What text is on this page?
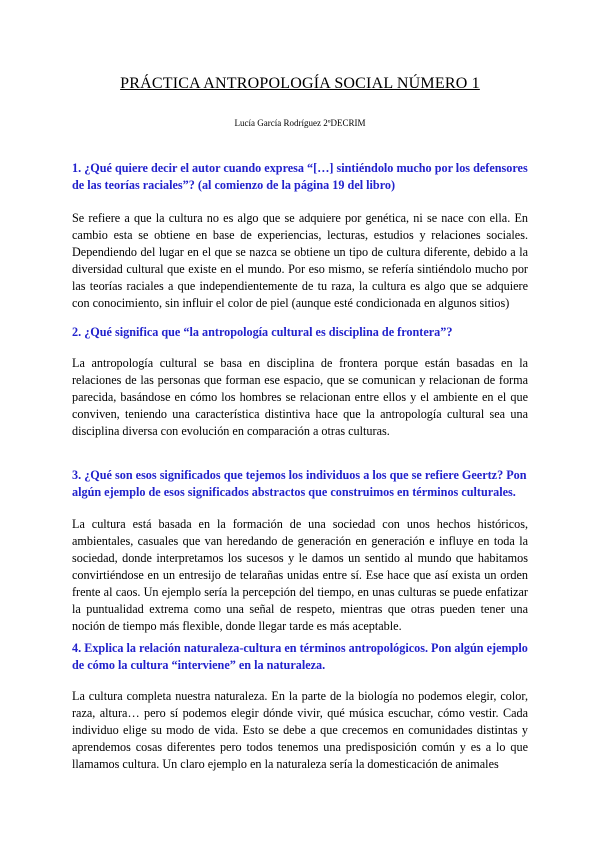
PRÁCTICA ANTROPOLOGÍA SOCIAL NÚMERO 1

Lucía García Rodríguez 2ºDECRIM

1. ¿Qué quiere decir el autor cuando expresa “[…] sintiéndolo mucho por los defensores de las teorías raciales”? (al comienzo de la página 19 del libro)

Se refiere a que la cultura no es algo que se adquiere por genética, ni se nace con ella. En cambio esta se obtiene en base de experiencias, lecturas, estudios y relaciones sociales. Dependiendo del lugar en el que se nazca se obtiene un tipo de cultura diferente, debido a la diversidad cultural que existe en el mundo. Por eso mismo, se refería sintiéndolo mucho por las teorías raciales a que independientemente de tu raza, la cultura es algo que se adquiere con conocimiento, sin influir el color de piel (aunque esté condicionada en algunos sitios)

2. ¿Qué significa que “la antropología cultural es disciplina de frontera”?

La antropología cultural se basa en disciplina de frontera porque están basadas en la relaciones de las personas que forman ese espacio, que se comunican y relacionan de forma parecida, basándose en cómo los hombres se relacionan entre ellos y el ambiente en el que conviven, teniendo una característica distintiva hace que la antropología cultural sea una disciplina diversa con evolución en comparación a otras culturas.

3. ¿Qué son esos significados que tejemos los individuos a los que se refiere Geertz? Pon algún ejemplo de esos significados abstractos que construimos en términos culturales.

La cultura está basada en la formación de una sociedad con unos hechos históricos, ambientales, casuales que van heredando de generación en generación e influye en toda la sociedad, donde interpretamos los sucesos y le damos un sentido al mundo que habitamos convirtiéndose en un entresijo de telarañas unidas entre sí. Ese hace que así exista un orden frente al caos. Un ejemplo sería la percepción del tiempo, en unas culturas se puede enfatizar la puntualidad extrema como una señal de respeto, mientras que otras pueden tener una noción de tiempo más flexible, donde llegar tarde es más aceptable.

4. Explica la relación naturaleza-cultura en términos antropológicos. Pon algún ejemplo de cómo la cultura “interviene” en la naturaleza.

La cultura completa nuestra naturaleza. En la parte de la biología no podemos elegir, color, raza, altura… pero sí podemos elegir dónde vivir, qué música escuchar, cómo vestir. Cada individuo elige su modo de vida. Esto se debe a que crecemos en comunidades distintas y aprendemos cosas diferentes pero todos tenemos una predisposición común y es a lo que llamamos cultura. Un claro ejemplo en la naturaleza sería la domesticación de animales
